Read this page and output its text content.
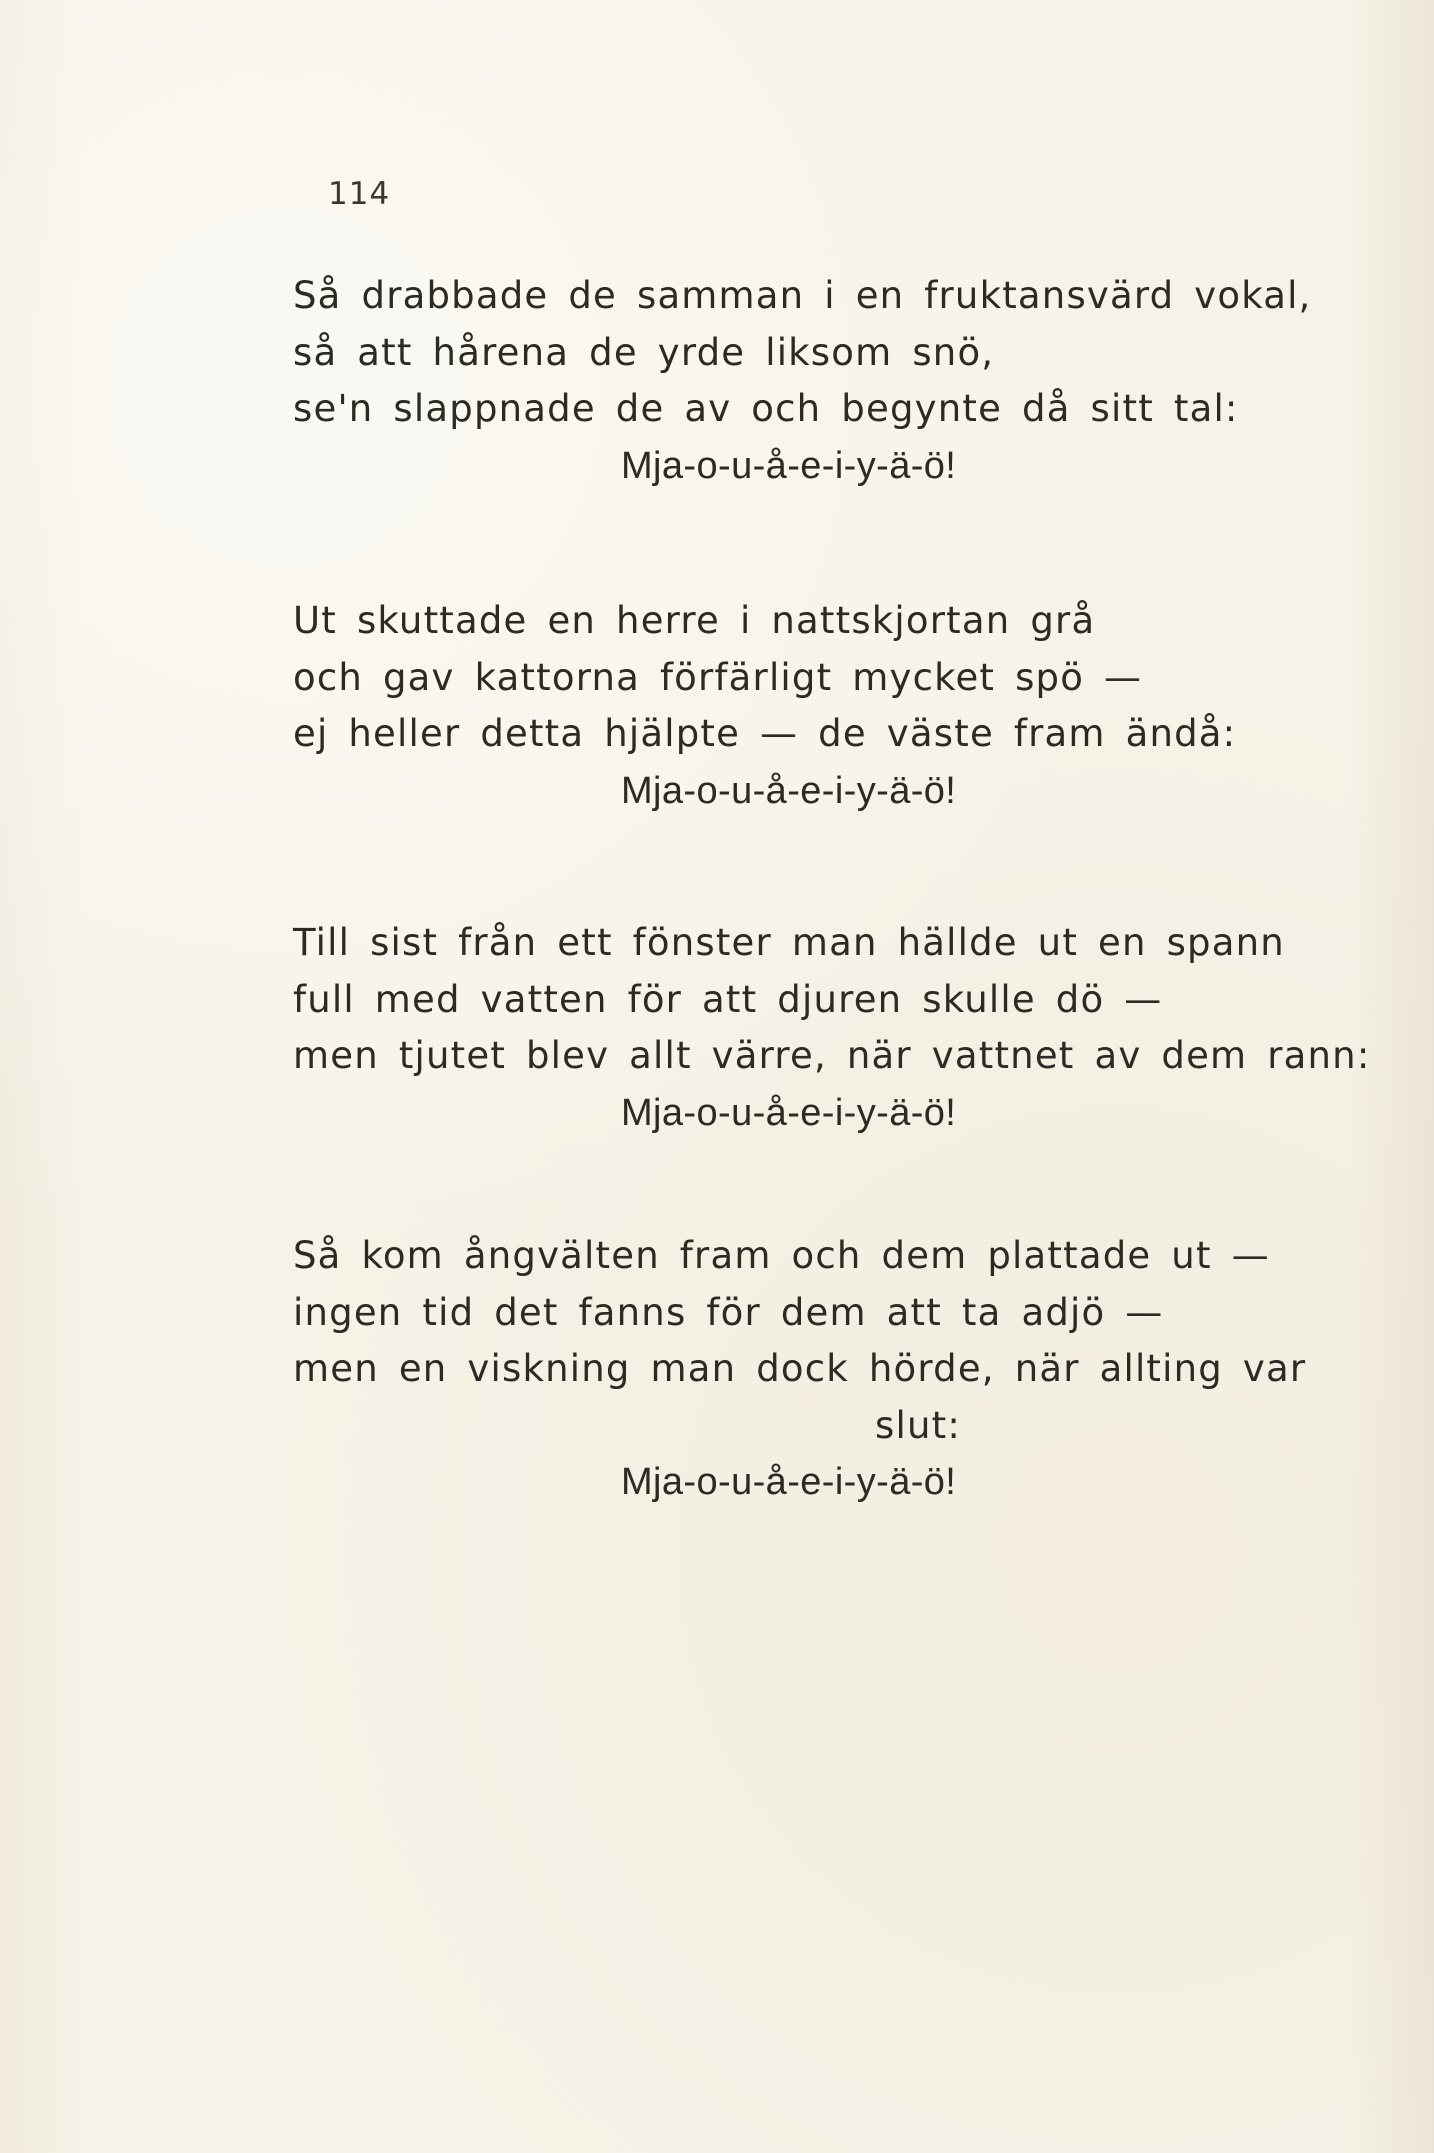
114
Så drabbade de samman i en fruktansvärd vokal,
så att hårena de yrde liksom snö,
se'n slappnade de av och begynte då sitt tal:
Mja-o-u-å-e-i-y-ä-ö!
Ut skuttade en herre i nattskjortan grå
och gav kattorna förfärligt mycket spö —
ej heller detta hjälpte — de väste fram ändå:
Mja-o-u-å-e-i-y-ä-ö!
Till sist från ett fönster man hällde ut en spann
full med vatten för att djuren skulle dö —
men tjutet blev allt värre, när vattnet av dem rann:
Mja-o-u-å-e-i-y-ä-ö!
Så kom ångvälten fram och dem plattade ut —
ingen tid det fanns för dem att ta adjö —
men en viskning man dock hörde, när allting var
slut:
Mja-o-u-å-e-i-y-ä-ö!
